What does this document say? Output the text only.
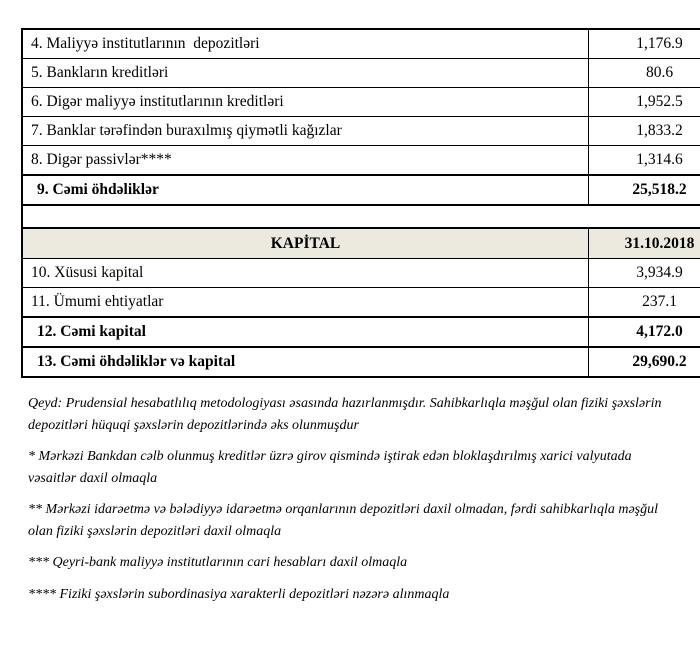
4. Maliyyə institutlarının  depozitləri	1,176.9
5. Bankların kreditləri	80.6
6. Digər maliyyə institutlarının kreditləri	1,952.5
7. Banklar tərəfindən buraxılmış qiymətli kağızlar	1,833.2
8. Digər passivlər****	1,314.6
9. Cəmi öhdəliklər	25,518.2
KAPİTAL	31.10.2018
10. Xüsusi kapital	3,934.9
11. Ümumi ehtiyatlar	237.1
12. Cəmi kapital	4,172.0
13. Cəmi öhdəliklər və kapital	29,690.2

Qeyd: Prudensial hesabatlılıq metodologiyası əsasında hazırlanmışdır. Sahibkarlıqla məşğul olan fiziki şəxslərin depozitləri hüquqi şəxslərin depozitlərində əks olunmuşdur

* Mərkəzi Bankdan cəlb olunmuş kreditlər üzrə girov qismində iştirak edən bloklaşdırılmış xarici valyutada vəsaitlər daxil olmaqla

** Mərkəzi idarəetmə və bələdiyyə idarəetmə orqanlarının depozitləri daxil olmadan, fərdi sahibkarlıqla məşğul olan fiziki şəxslərin depozitləri daxil olmaqla

*** Qeyri-bank maliyyə institutlarının cari hesabları daxil olmaqla

**** Fiziki şəxslərin subordinasiya xarakterli depozitləri nəzərə alınmaqla
